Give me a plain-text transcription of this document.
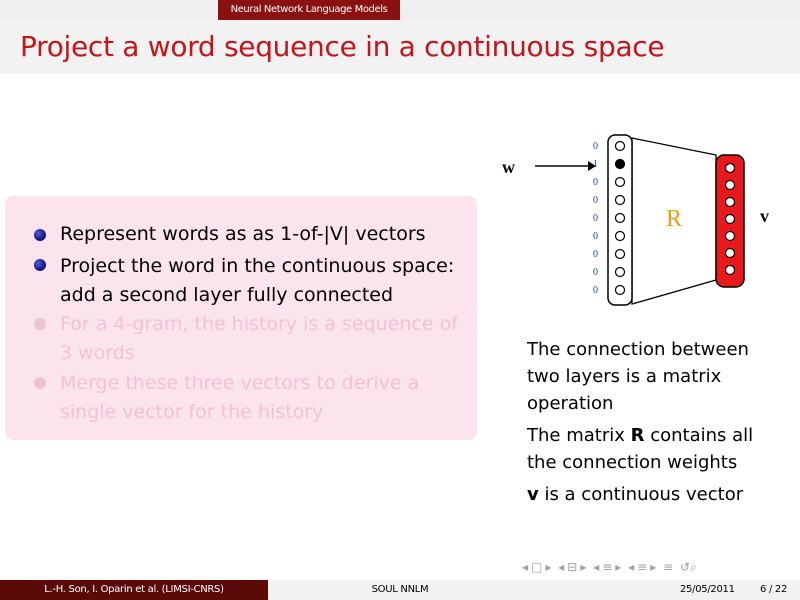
Neural Network Language Models
Project a word sequence in a continuous space
Represent words as as 1-of-|V| vectors
Project the word in the continuous space:
add a second layer fully connected
For a 4-gram, the history is a sequence of
3 words
Merge these three vectors to derive a
single vector for the history
w
0
1
0
0
0
0
0
0
0
R	v
The connection between
two layers is a matrix
operation
The matrix R contains all
the connection weights
v is a continuous vector
◂ □ ▸ ◂ ⊟ ▸ ◂ ≡ ▸ ◂ ≡ ▸ ≡ ↺⌕
L.-H. Son, I. Oparin et al. (LIMSI-CNRS)	SOUL NNLM	25/05/2011	6 / 22
